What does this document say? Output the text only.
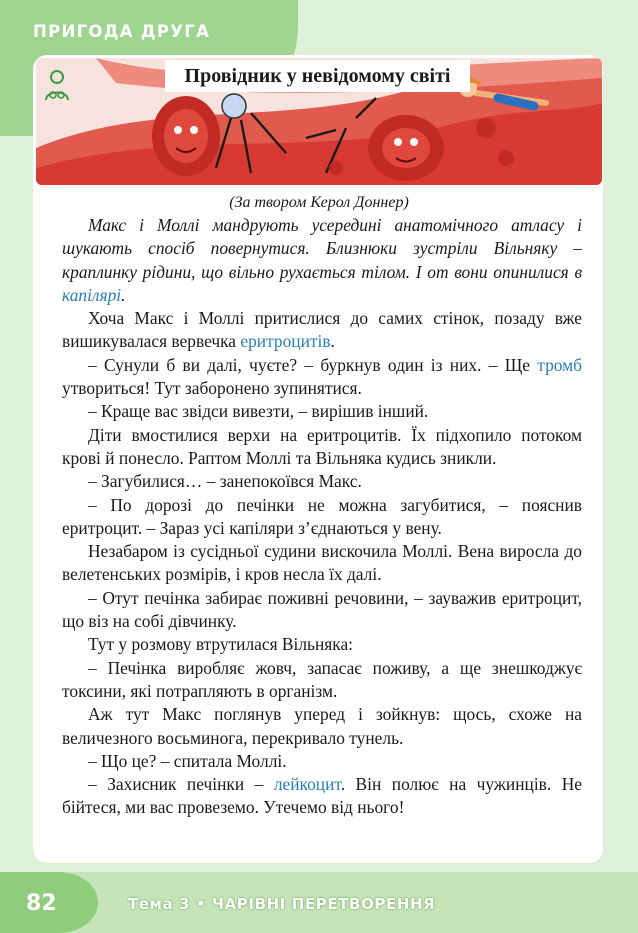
ПРИГОДА ДРУГА
Провідник у невідомому світі
(За твором Керол Доннер)

Макс і Моллі мандрують усередині анатомічного атласу і шукають спосіб повернутися. Близнюки зустріли Вільняку – краплинку рідини, що вільно рухається тілом. І от вони опинилися в капілярі.

Хоча Макс і Моллі притислися до самих стінок, позаду вже вишикувалася вервечка еритроцитів.

– Сунули б ви далі, чуєте? – буркнув один із них. – Ще тромб утвориться! Тут заборонено зупинятися.

– Краще вас звідси вивезти, – вирішив інший.

Діти вмостилися верхи на еритроцитів. Їх підхопило потоком крові й понесло. Раптом Моллі та Вільняка кудись зникли.

– Загубилися… – занепокоївся Макс.

– По дорозі до печінки не можна загубитися, – пояснив еритроцит. – Зараз усі капіляри з’єднаються у вену.

Незабаром із сусідньої судини вискочила Моллі. Вена виросла до велетенських розмірів, і кров несла їх далі.

– Отут печінка забирає поживні речовини, – зауважив еритроцит, що віз на собі дівчинку.

Тут у розмову втрутилася Вільняка:

– Печінка виробляє жовч, запасає поживу, а ще знешкоджує токсини, які потрапляють в організм.

Аж тут Макс поглянув уперед і зойкнув: щось, схоже на величезного восьминога, перекривало тунель.

– Що це? – спитала Моллі.

– Захисник печінки – лейкоцит. Він полює на чужинців. Не бійтеся, ми вас провеземо. Утечемо від нього!

82	Тема 3 • ЧАРІВНІ ПЕРЕТВОРЕННЯ
